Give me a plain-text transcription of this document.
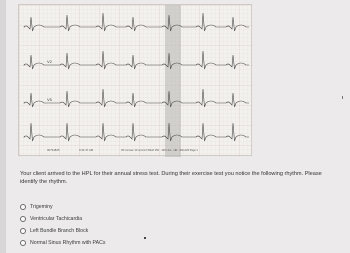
V2
V5
00734825	0:31:37 AM	25 mm/sec 10 mm/mV 60HZ 150 · 100 Line · HR · 60to125 Page 1
Your client arrived to the HPL for their annual stress test. During their exercise test you notice the following rhythm. Please identify the rhythm.
Trigeminy
Ventricular Tachicardia
Left Bundle Branch Block
Normal Sinus Rhythm with PACs
